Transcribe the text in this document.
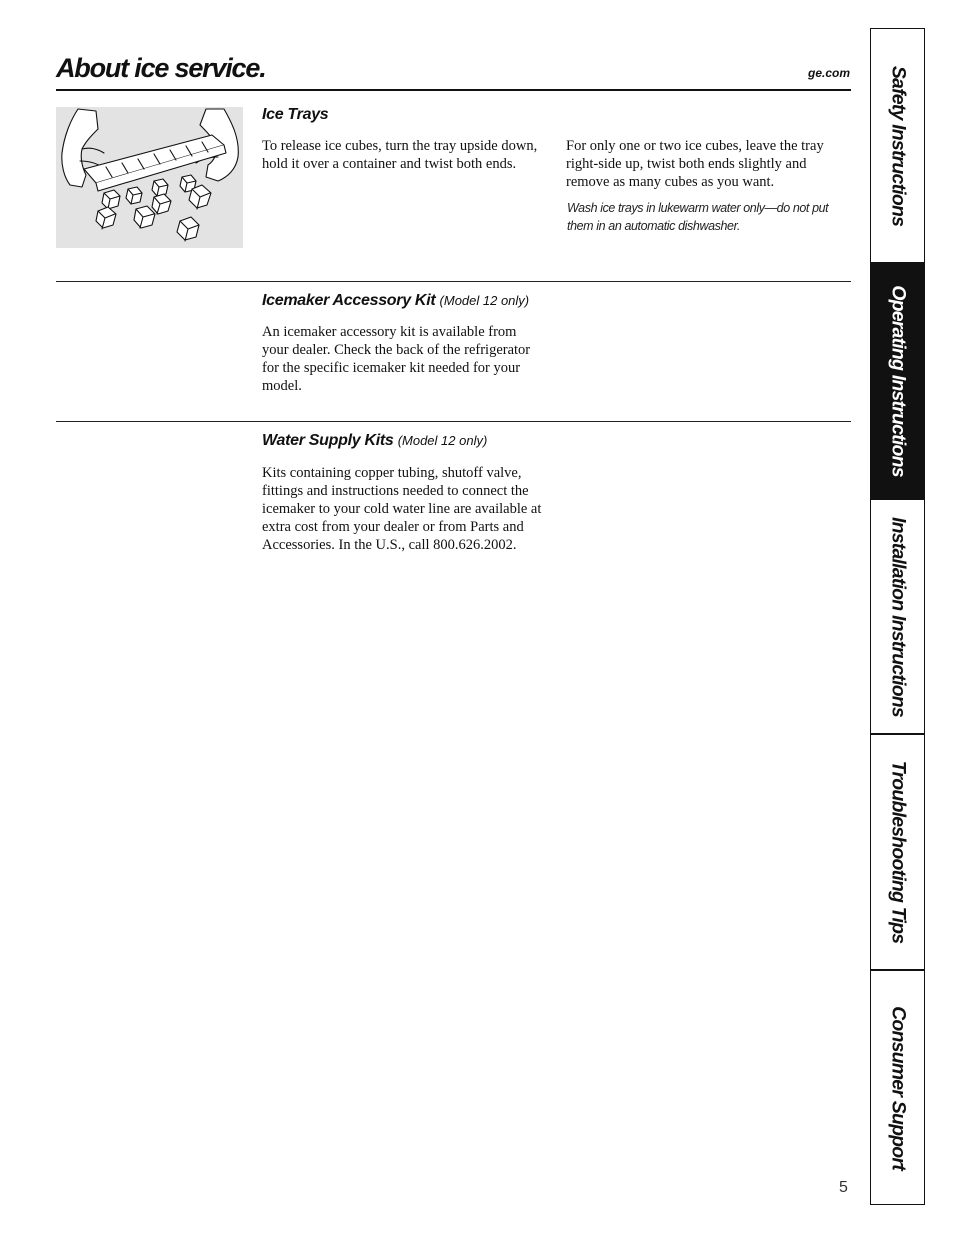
About ice service.	ge.com
Ice Trays

To release ice cubes, turn the tray upside down, hold it over a container and twist both ends.

For only one or two ice cubes, leave the tray right-side up, twist both ends slightly and remove as many cubes as you want.

Wash ice trays in lukewarm water only—do not put them in an automatic dishwasher.

Icemaker Accessory Kit (Model 12 only)

An icemaker accessory kit is available from your dealer. Check the back of the refrigerator for the specific icemaker kit needed for your model.

Water Supply Kits (Model 12 only)

Kits containing copper tubing, shutoff valve, fittings and instructions needed to connect the icemaker to your cold water line are available at extra cost from your dealer or from Parts and Accessories. In the U.S., call 800.626.2002.

Safety Instructions
Operating Instructions
Installation Instructions
Troubleshooting Tips
Consumer Support
5
